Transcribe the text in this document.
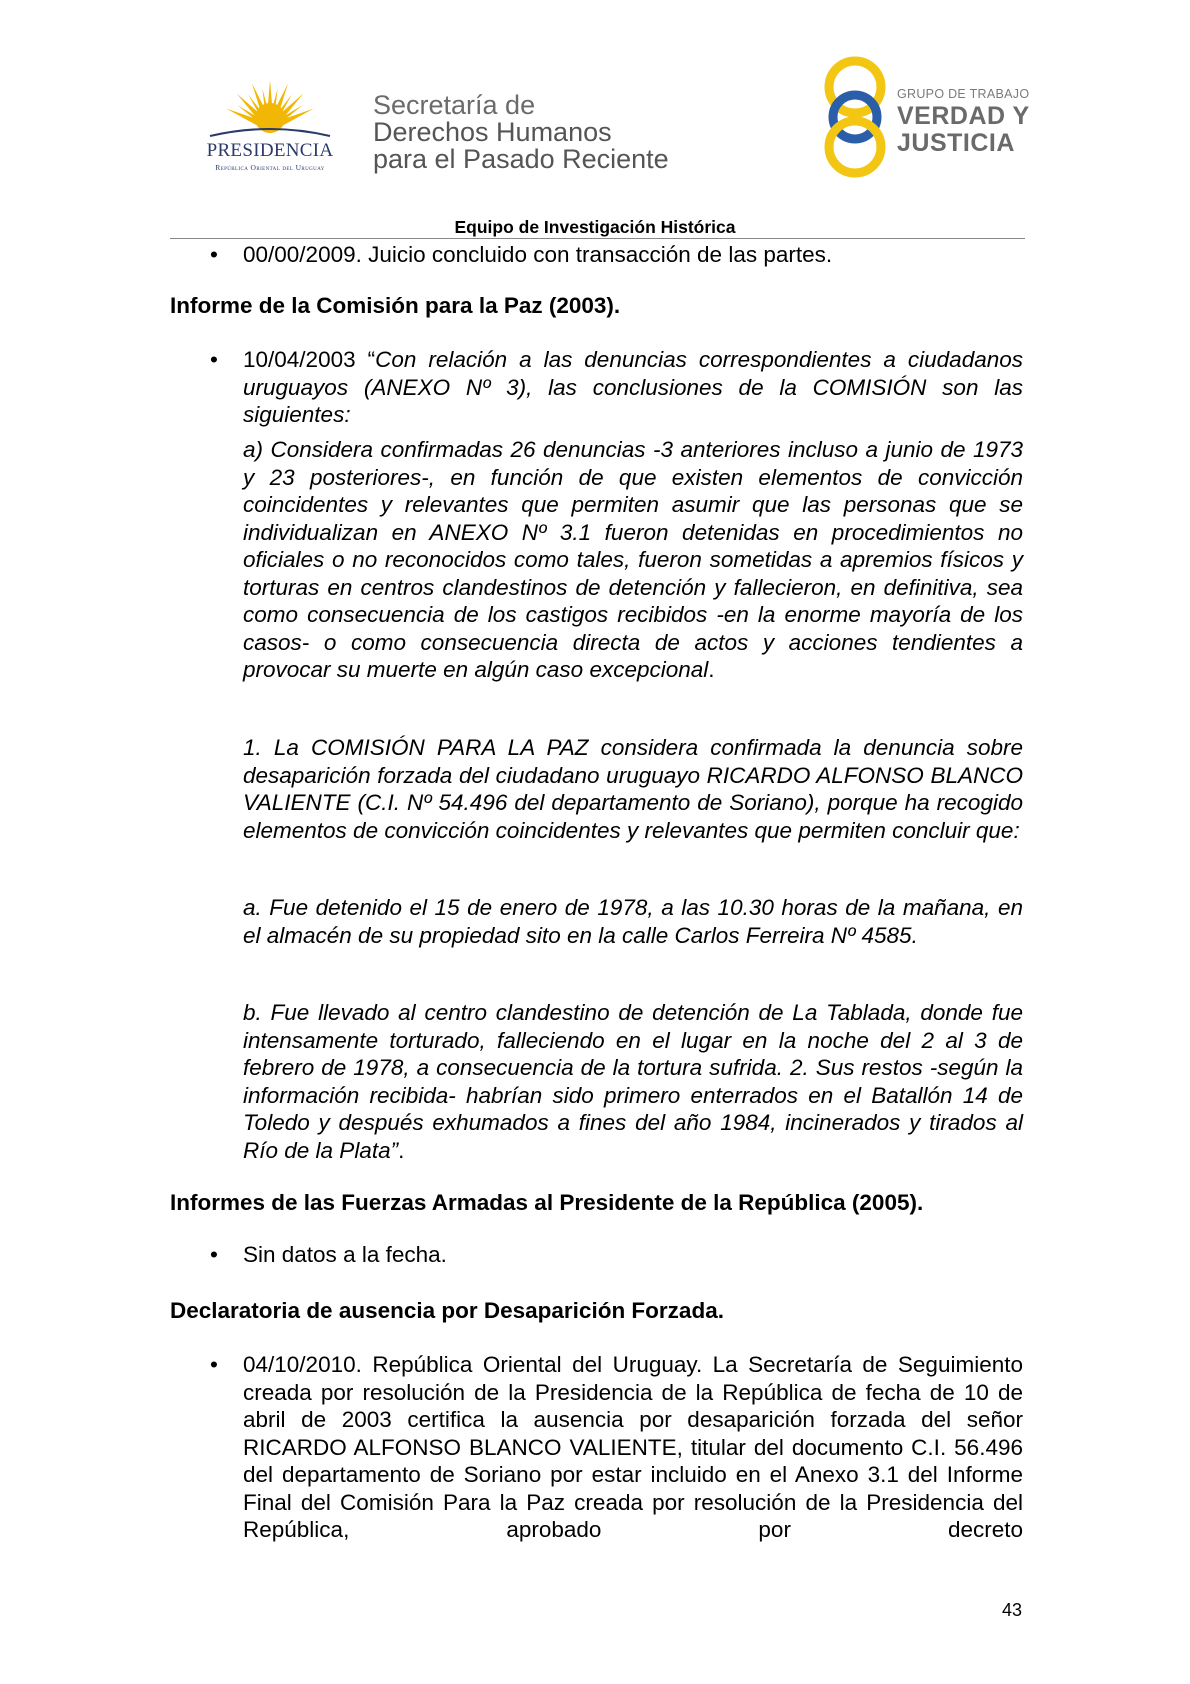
PRESIDENCIA
República Oriental del Uruguay
Secretaría de
Derechos Humanos
para el Pasado Reciente
GRUPO DE TRABAJO
VERDAD Y
JUSTICIA
Equipo de Investigación Histórica
• 00/00/2009. Juicio concluido con transacción de las partes.
Informe de la Comisión para la Paz (2003).
• 10/04/2003 “Con relación a las denuncias correspondientes a ciudadanos uruguayos (ANEXO Nº 3), las conclusiones de la COMISIÓN son las siguientes:
a) Considera confirmadas 26 denuncias -3 anteriores incluso a junio de 1973 y 23 posteriores-, en función de que existen elementos de convicción coincidentes y relevantes que permiten asumir que las personas que se individualizan en ANEXO Nº 3.1 fueron detenidas en procedimientos no oficiales o no reconocidos como tales, fueron sometidas a apremios físicos y torturas en centros clandestinos de detención y fallecieron, en definitiva, sea como consecuencia de los castigos recibidos -en la enorme mayoría de los casos- o como consecuencia directa de actos y acciones tendientes a provocar su muerte en algún caso excepcional.
1. La COMISIÓN PARA LA PAZ considera confirmada la denuncia sobre desaparición forzada del ciudadano uruguayo RICARDO ALFONSO BLANCO VALIENTE (C.I. Nº 54.496 del departamento de Soriano), porque ha recogido elementos de convicción coincidentes y relevantes que permiten concluir que:
a. Fue detenido el 15 de enero de 1978, a las 10.30 horas de la mañana, en el almacén de su propiedad sito en la calle Carlos Ferreira Nº 4585.
b. Fue llevado al centro clandestino de detención de La Tablada, donde fue intensamente torturado, falleciendo en el lugar en la noche del 2 al 3 de febrero de 1978, a consecuencia de la tortura sufrida. 2. Sus restos -según la información recibida- habrían sido primero enterrados en el Batallón 14 de Toledo y después exhumados a fines del año 1984, incinerados y tirados al Río de la Plata”.
Informes de las Fuerzas Armadas al Presidente de la República (2005).
• Sin datos a la fecha.
Declaratoria de ausencia por Desaparición Forzada.
• 04/10/2010. República Oriental del Uruguay. La Secretaría de Seguimiento creada por resolución de la Presidencia de la República de fecha de 10 de abril de 2003 certifica la ausencia por desaparición forzada del señor RICARDO ALFONSO BLANCO VALIENTE, titular del documento C.I. 56.496 del departamento de Soriano por estar incluido en el Anexo 3.1 del Informe Final del Comisión Para la Paz creada por resolución de la Presidencia del República, aprobado por decreto
43
